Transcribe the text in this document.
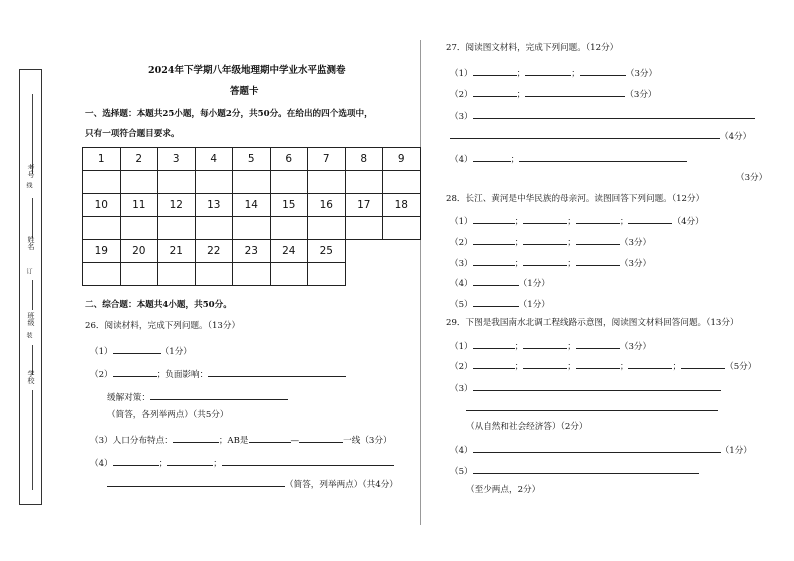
考号
线
姓名
订
班级
装
学校
2024年下学期八年级地理期中学业水平监测卷
答题卡
一、选择题：本题共25小题，每小题2分，共50分。在给出的四个选项中，
只有一项符合题目要求。
1	2	3	4	5	6	7	8	9

10	11	12	13	14	15	16	17	18

19	20	21	22	23	24	25

二、综合题：本题共4小题，共50分。
26．阅读材料，完成下列问题。（13分）
（1）	（1分）
（2）	；负面影响：
缓解对策：
（简答，各列举两点）（共5分）
（3）人口分布特点：	；AB是	—	一线（3分）
（4）	；	；
（简答，列举两点）（共4分）
27．阅读图文材料，完成下列问题。（12分）
（1）	；	；	（3分）
（2）	；	（3分）
（3）
（4分）
（4）	；
（3分）
28．长江、黄河是中华民族的母亲河。读图回答下列问题。（12分）
（1）	；	；	；	（4分）
（2）	；	；	（3分）
（3）	；	；	（3分）
（4）	（1分）
（5）	（1分）
29．下图是我国南水北调工程线路示意图，阅读图文材料回答问题。（13分）
（1）	；	；	（3分）
（2）	；	；	；	；	（5分）
（3）
（从自然和社会经济答）（2分）
（4）	（1分）
（5）
（至少两点，2分）
